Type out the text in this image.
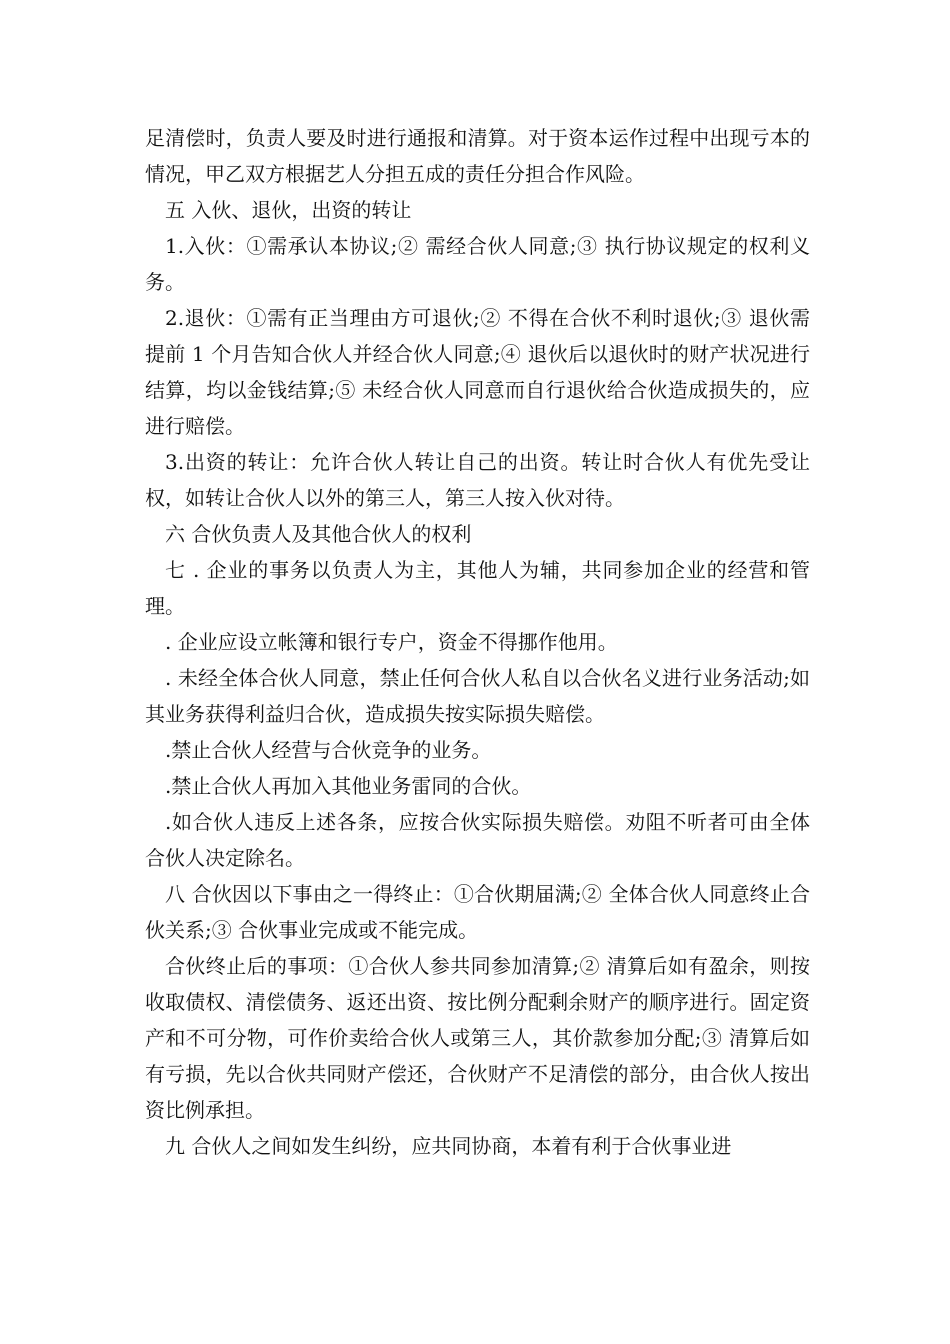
足清偿时，负责人要及时进行通报和清算。对于资本运作过程中出现亏本的情况，甲乙双方根据艺人分担五成的责任分担合作风险。

五 入伙、退伙，出资的转让

1.入伙：①需承认本协议;② 需经合伙人同意;③ 执行协议规定的权利义务。

2.退伙：①需有正当理由方可退伙;② 不得在合伙不利时退伙;③ 退伙需提前 1 个月告知合伙人并经合伙人同意;④ 退伙后以退伙时的财产状况进行结算，均以金钱结算;⑤ 未经合伙人同意而自行退伙给合伙造成损失的，应进行赔偿。

3.出资的转让：允许合伙人转让自己的出资。转让时合伙人有优先受让权，如转让合伙人以外的第三人，第三人按入伙对待。

六 合伙负责人及其他合伙人的权利

七 . 企业的事务以负责人为主，其他人为辅，共同参加企业的经营和管理。

. 企业应设立帐簿和银行专户，资金不得挪作他用。

. 未经全体合伙人同意，禁止任何合伙人私自以合伙名义进行业务活动;如其业务获得利益归合伙，造成损失按实际损失赔偿。

.禁止合伙人经营与合伙竞争的业务。

.禁止合伙人再加入其他业务雷同的合伙。

.如合伙人违反上述各条，应按合伙实际损失赔偿。劝阻不听者可由全体合伙人决定除名。

八 合伙因以下事由之一得终止：①合伙期届满;② 全体合伙人同意终止合伙关系;③ 合伙事业完成或不能完成。

合伙终止后的事项：①合伙人参共同参加清算;② 清算后如有盈余，则按收取债权、清偿债务、返还出资、按比例分配剩余财产的顺序进行。固定资产和不可分物，可作价卖给合伙人或第三人，其价款参加分配;③ 清算后如有亏损，先以合伙共同财产偿还，合伙财产不足清偿的部分，由合伙人按出资比例承担。

九 合伙人之间如发生纠纷，应共同协商，本着有利于合伙事业进
